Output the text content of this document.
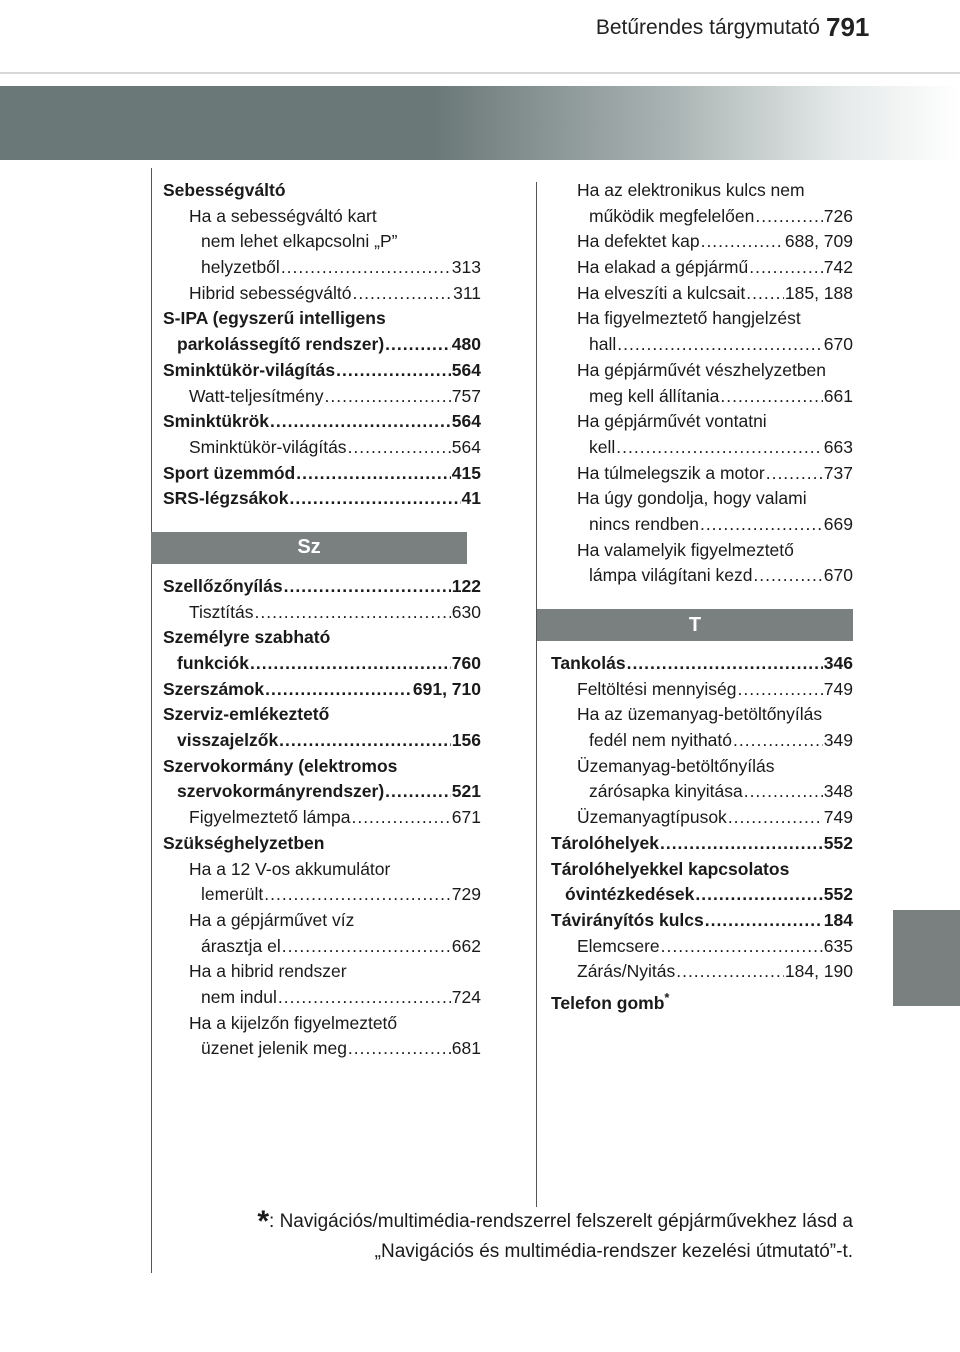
Betűrendes tárgymutató 791
Sebességváltó
Ha a sebességváltó kart
nem lehet elkapcsolni „P”
helyzetből .....	313
Hibrid sebességváltó .....	311
S-IPA (egyszerű intelligens
parkolássegítő rendszer) .....	480
Sminktükör-világítás .....	564
Watt-teljesítmény .....	757
Sminktükrök .....	564
Sminktükör-világítás .....	564
Sport üzemmód .....	415
SRS-légzsákok .....	41
Sz
Szellőzőnyílás .....	122
Tisztítás .....	630
Személyre szabható
funkciók .....	760
Szerszámok .....	691, 710
Szerviz-emlékeztető
visszajelzők .....	156
Szervokormány (elektromos
szervokormányrendszer) .....	521
Figyelmeztető lámpa .....	671
Szükséghelyzetben
Ha a 12 V-os akkumulátor
lemerült .....	729
Ha a gépjárművet víz
árasztja el .....	662
Ha a hibrid rendszer
nem indul .....	724
Ha a kijelzőn figyelmeztető
üzenet jelenik meg .....	681
Ha az elektronikus kulcs nem
működik megfelelően .....	726
Ha defektet kap .....	688, 709
Ha elakad a gépjármű .....	742
Ha elveszíti a kulcsait ..... 185, 188
Ha figyelmeztető hangjelzést
hall .....	670
Ha gépjárművét vészhelyzetben
meg kell állítania .....	661
Ha gépjárművét vontatni
kell .....	663
Ha túlmelegszik a motor .....	737
Ha úgy gondolja, hogy valami
nincs rendben .....	669
Ha valamelyik figyelmeztető
lámpa világítani kezd .....	670
T
Tankolás .....	346
Feltöltési mennyiség .....	749
Ha az üzemanyag-betöltőnyílás
fedél nem nyitható .....	349
Üzemanyag-betöltőnyílás
zárósapka kinyitása .....	348
Üzemanyagtípusok .....	749
Tárolóhelyek .....	552
Tárolóhelyekkel kapcsolatos
óvintézkedések .....	552
Távirányítós kulcs .....	184
Elemcsere .....	635
Zárás/Nyitás .....	184, 190
Telefon gomb*
*: Navigációs/multimédia-rendszerrel felszerelt gépjárművekhez lásd a
„Navigációs és multimédia-rendszer kezelési útmutató”-t.
